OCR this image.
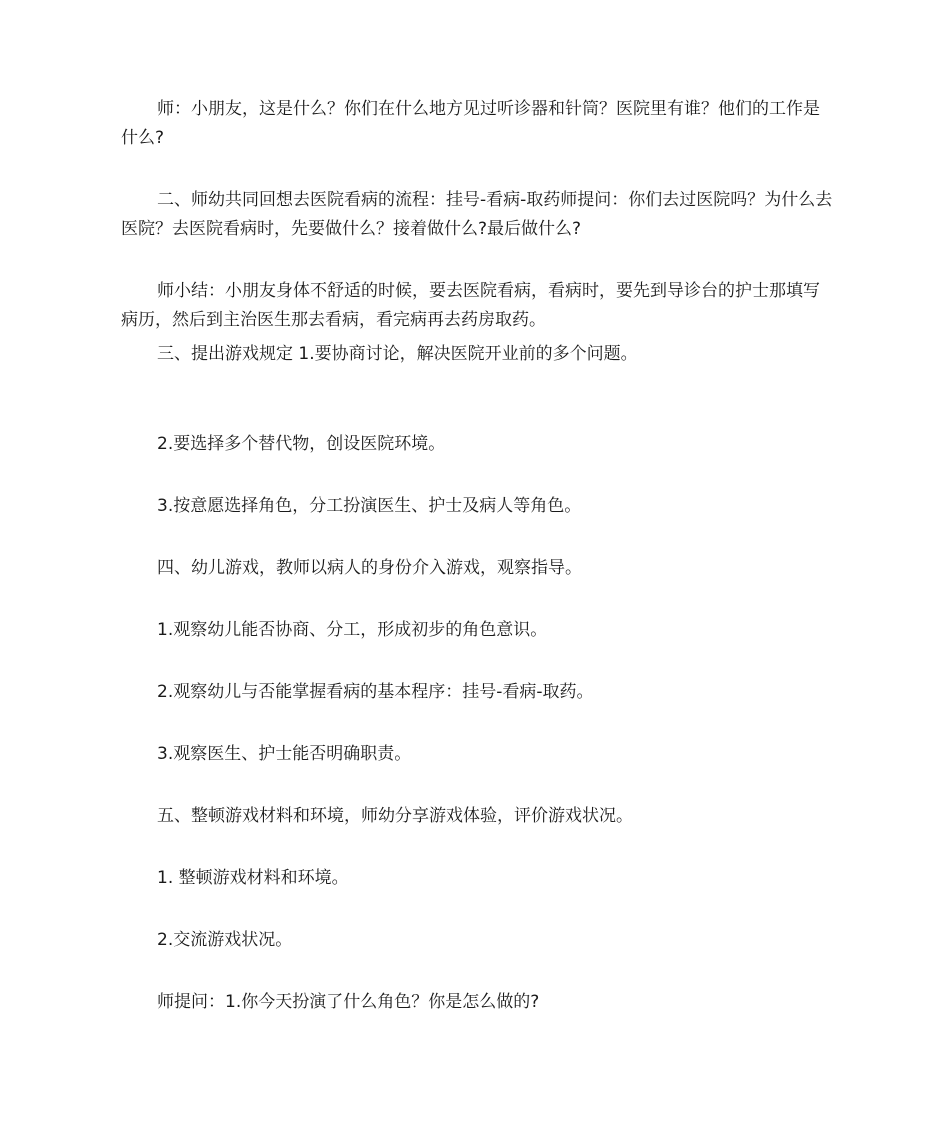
师：小朋友，这是什么？你们在什么地方见过听诊器和针筒？医院里有谁？他们的工作是什么?

二、师幼共同回想去医院看病的流程：挂号-看病-取药师提问：你们去过医院吗？为什么去医院？去医院看病时，先要做什么？接着做什么?最后做什么?

师小结：小朋友身体不舒适的时候，要去医院看病，看病时，要先到导诊台的护士那填写病历，然后到主治医生那去看病，看完病再去药房取药。

三、提出游戏规定 1.要协商讨论，解决医院开业前的多个问题。

2.要选择多个替代物，创设医院环境。

3.按意愿选择角色，分工扮演医生、护士及病人等角色。

四、幼儿游戏，教师以病人的身份介入游戏，观察指导。

1.观察幼儿能否协商、分工，形成初步的角色意识。

2.观察幼儿与否能掌握看病的基本程序：挂号-看病-取药。

3.观察医生、护士能否明确职责。

五、整顿游戏材料和环境，师幼分享游戏体验，评价游戏状况。

1. 整顿游戏材料和环境。

2.交流游戏状况。

师提问：1.你今天扮演了什么角色？你是怎么做的?
